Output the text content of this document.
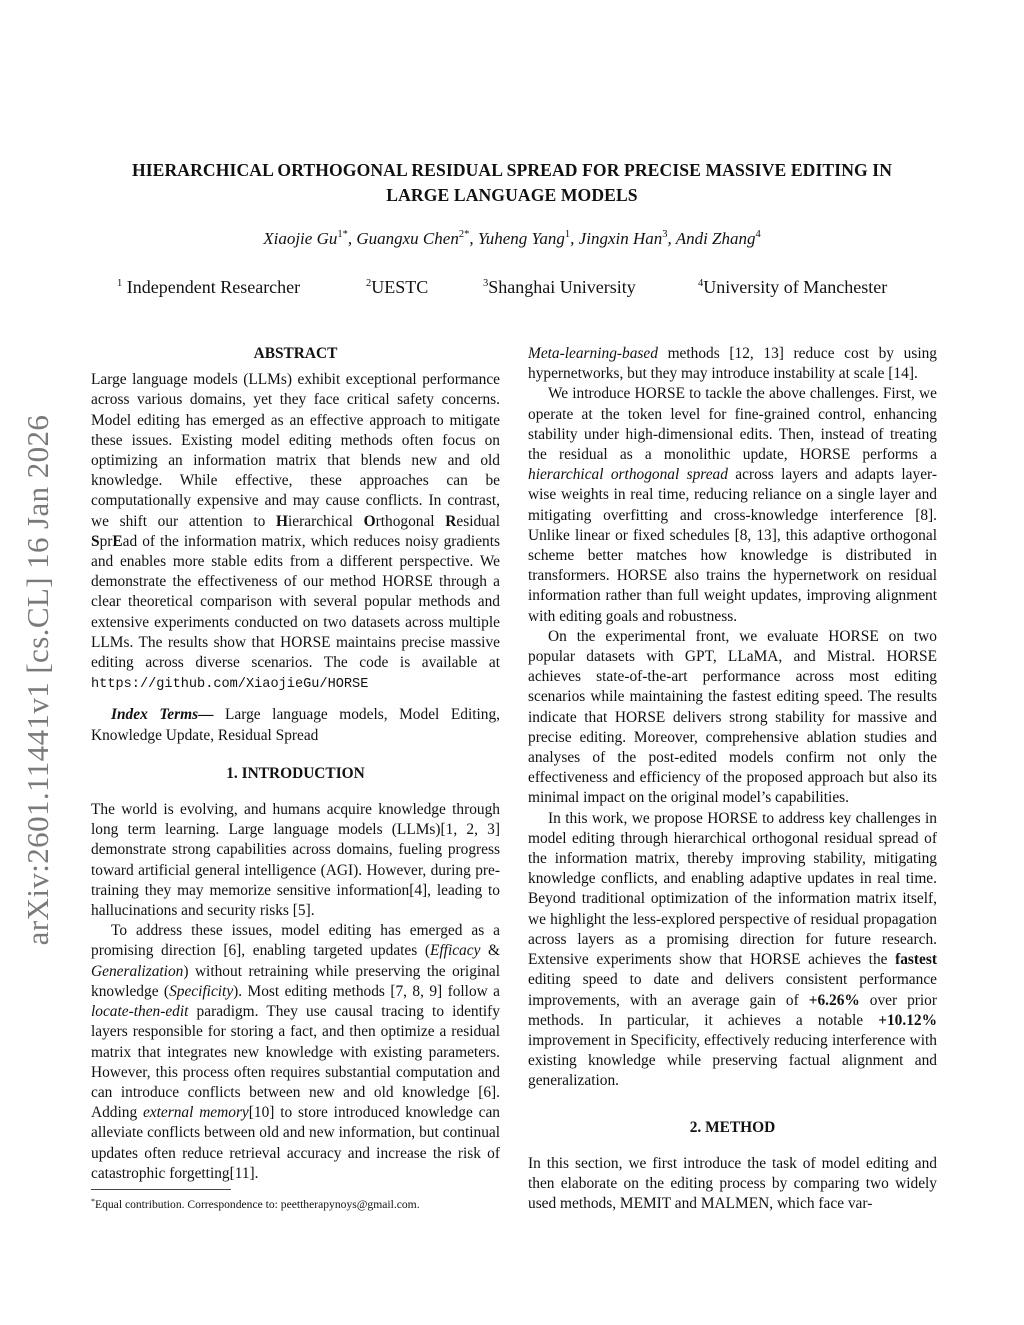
HIERARCHICAL ORTHOGONAL RESIDUAL SPREAD FOR PRECISE MASSIVE EDITING IN
LARGE LANGUAGE MODELS
Xiaojie $Gu^{1*}$, Guangxu Chen$^{2*}$, Yuheng Yang$^1$, Jingxin Han$^3$, Andi Zhang$^4$
$^1$ Independent Researcher	$^2$UESTC	$^3$Shanghai University	$^4$University of Manchester
arXiv:2601.11441v1 [cs.CL] 16 Jan 2026

ABSTRACT

Large language models (LLMs) exhibit exceptional performance across various domains, yet they face critical safety concerns. Model editing has emerged as an effective approach to mitigate these issues. Existing model editing methods often focus on optimizing an information matrix that blends new and old knowledge. While effective, these approaches can be computationally expensive and may cause conflicts. In contrast, we shift our attention to Hierarchical Orthogonal Residual SprEad of the information matrix, which reduces noisy gradients and enables more stable edits from a different perspective. We demonstrate the effectiveness of our method HORSE through a clear theoretical comparison with several popular methods and extensive experiments conducted on two datasets across multiple LLMs. The results show that HORSE maintains precise massive editing across diverse scenarios. The code is available at https://github.com/XiaojieGu/HORSE

Index Terms— Large language models, Model Editing, Knowledge Update, Residual Spread

1. INTRODUCTION

The world is evolving, and humans acquire knowledge through long term learning. Large language models (LLMs)[1, 2, 3] demonstrate strong capabilities across domains, fueling progress toward artificial general intelligence (AGI). However, during pre-training they may memorize sensitive information[4], leading to hallucinations and security risks [5].

To address these issues, model editing has emerged as a promising direction [6], enabling targeted updates (Efficacy & Generalization) without retraining while preserving the original knowledge (Specificity). Most editing methods [7, 8, 9] follow a locate-then-edit paradigm. They use causal tracing to identify layers responsible for storing a fact, and then optimize a residual matrix that integrates new knowledge with existing parameters. However, this process often requires substantial computation and can introduce conflicts between new and old knowledge [6]. Adding external memory[10] to store introduced knowledge can alleviate conflicts between old and new information, but continual updates often reduce retrieval accuracy and increase the risk of catastrophic forgetting[11].

*Equal contribution. Correspondence to: peettherapynoys@gmail.com.

Meta-learning-based methods [12, 13] reduce cost by using hypernetworks, but they may introduce instability at scale [14].

We introduce HORSE to tackle the above challenges. First, we operate at the token level for fine-grained control, enhancing stability under high-dimensional edits. Then, instead of treating the residual as a monolithic update, HORSE performs a hierarchical orthogonal spread across layers and adapts layer-wise weights in real time, reducing reliance on a single layer and mitigating overfitting and cross-knowledge interference [8]. Unlike linear or fixed schedules [8, 13], this adaptive orthogonal scheme better matches how knowledge is distributed in transformers. HORSE also trains the hypernetwork on residual information rather than full weight updates, improving alignment with editing goals and robustness.

On the experimental front, we evaluate HORSE on two popular datasets with GPT, LLaMA, and Mistral. HORSE achieves state-of-the-art performance across most editing scenarios while maintaining the fastest editing speed. The results indicate that HORSE delivers strong stability for massive and precise editing. Moreover, comprehensive ablation studies and analyses of the post-edited models confirm not only the effectiveness and efficiency of the proposed approach but also its minimal impact on the original model’s capabilities.

In this work, we propose HORSE to address key challenges in model editing through hierarchical orthogonal residual spread of the information matrix, thereby improving stability, mitigating knowledge conflicts, and enabling adaptive updates in real time. Beyond traditional optimization of the information matrix itself, we highlight the less-explored perspective of residual propagation across layers as a promising direction for future research. Extensive experiments show that HORSE achieves the fastest editing speed to date and delivers consistent performance improvements, with an average gain of +6.26% over prior methods. In particular, it achieves a notable +10.12% improvement in Specificity, effectively reducing interference with existing knowledge while preserving factual alignment and generalization.

2. METHOD

In this section, we first introduce the task of model editing and then elaborate on the editing process by comparing two widely used methods, MEMIT and MALMEN, which face var-
